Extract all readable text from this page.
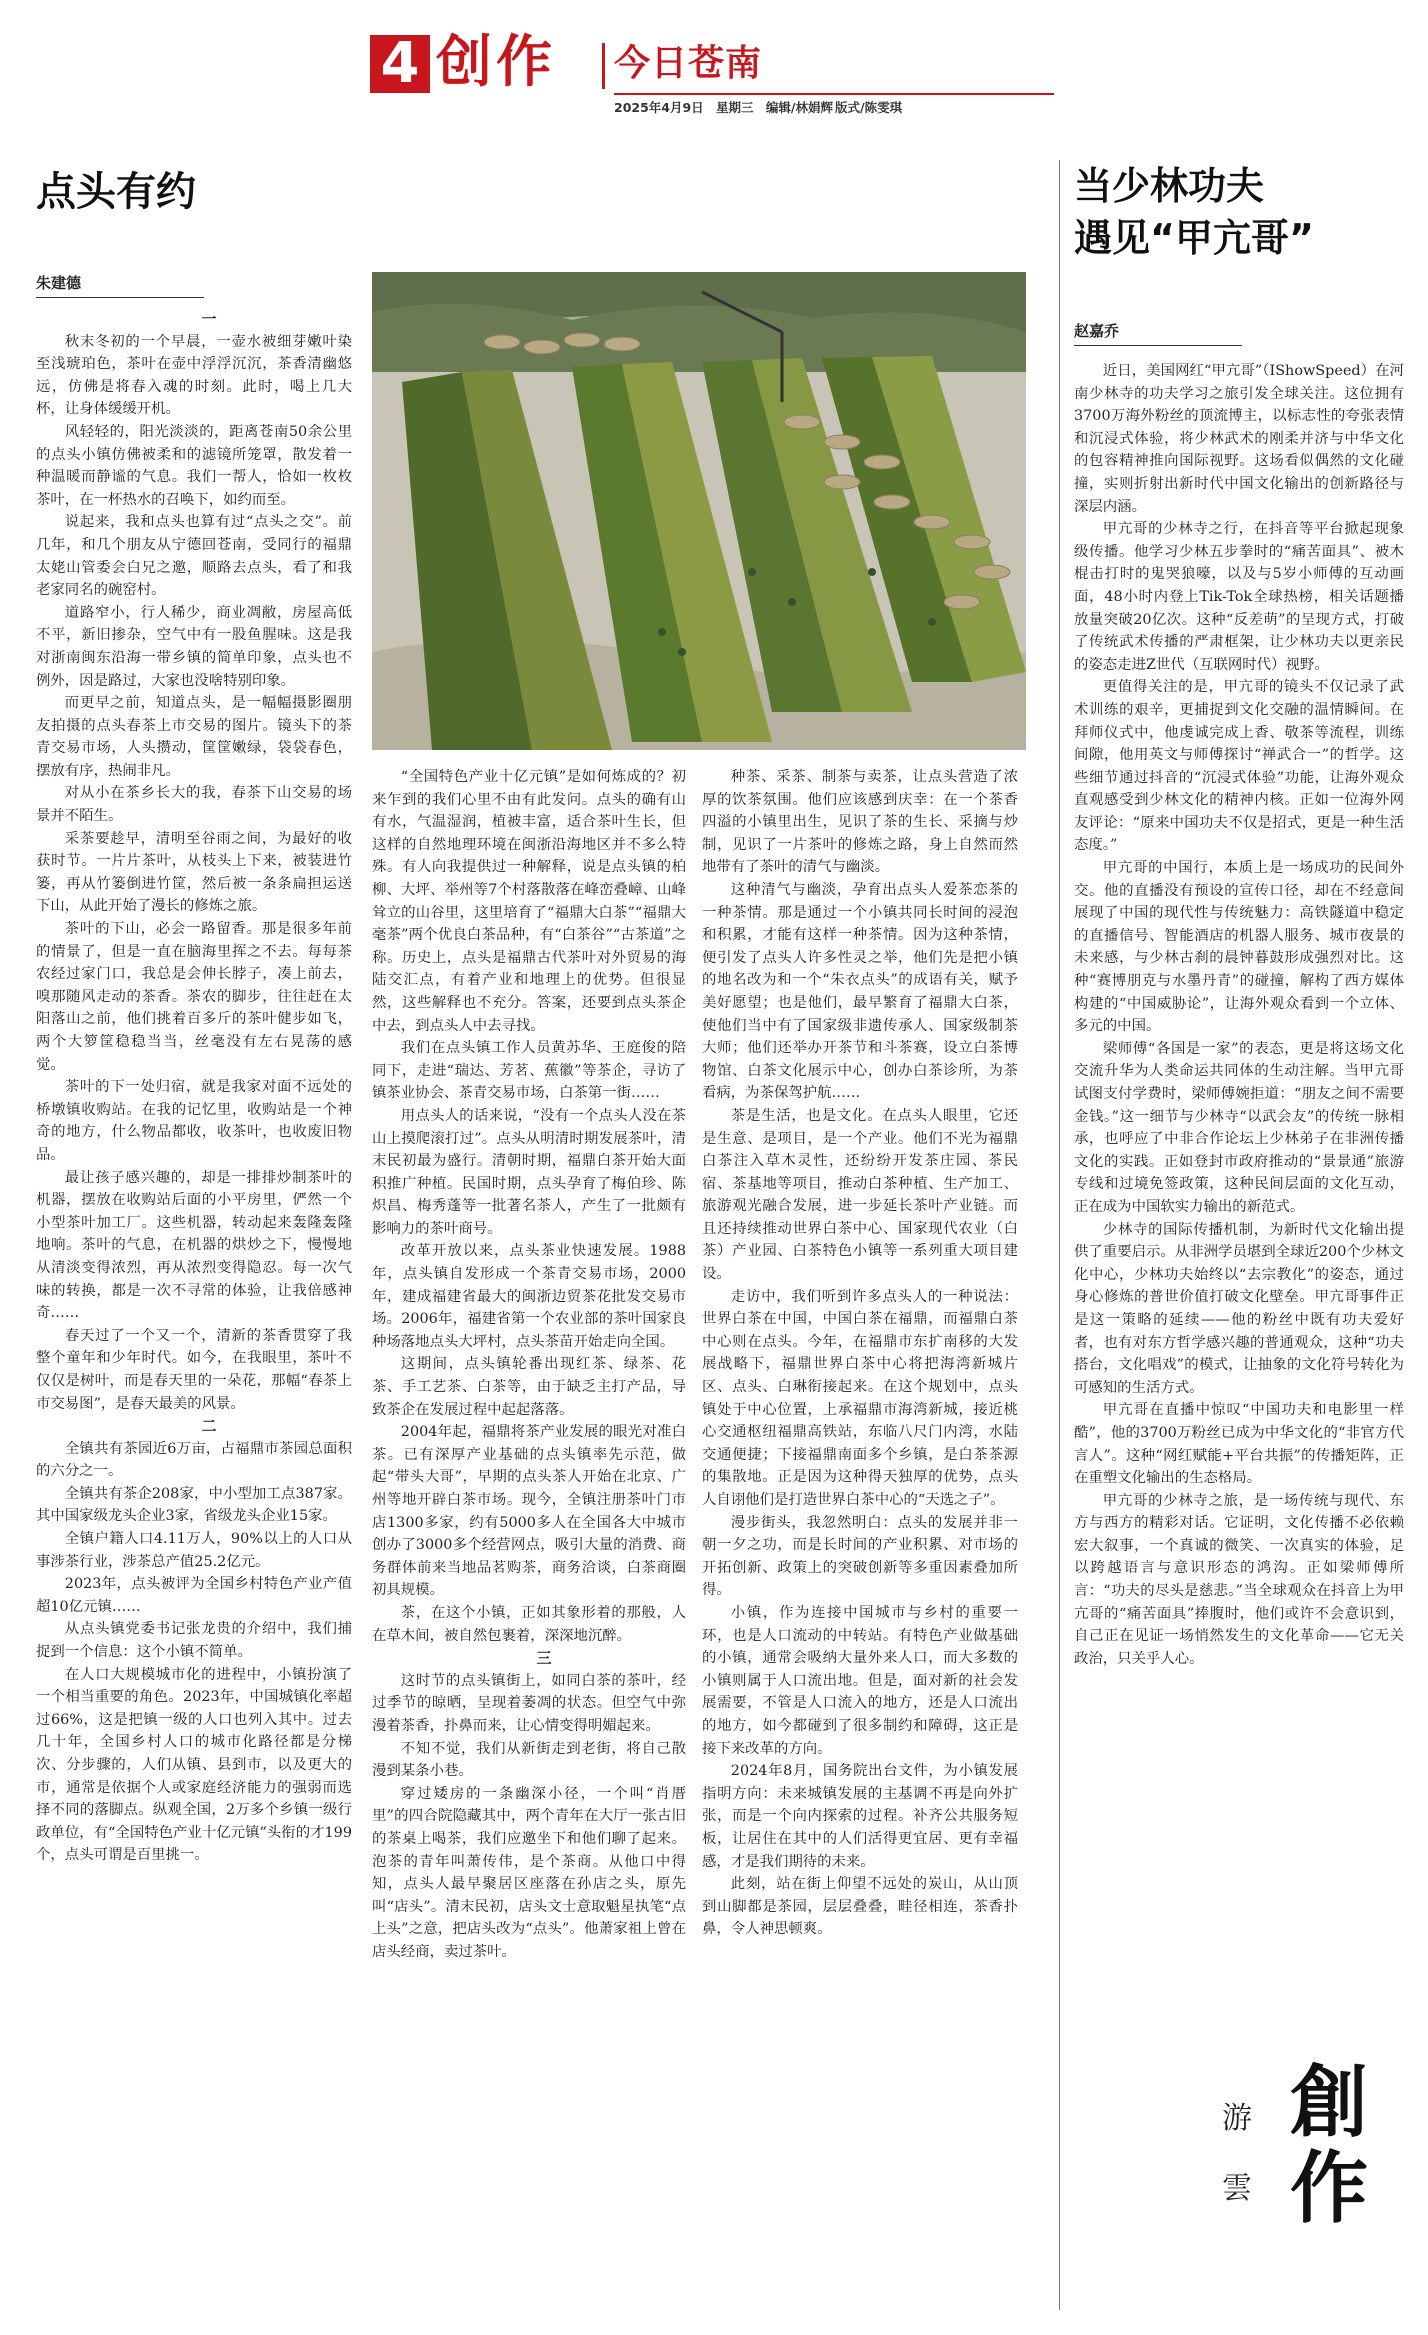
4 创作 今日苍南
2025年4月9日 星期三 编辑/林娟辉 版式/陈雯琪
点头有约
朱建德

一

秋末冬初的一个早晨，一壶水被细芽嫩叶染至浅琥珀色，茶叶在壶中浮浮沉沉，茶香清幽悠远，仿佛是将春入魂的时刻。此时，喝上几大杯，让身体缓缓开机。

风轻轻的，阳光淡淡的，距离苍南50余公里的点头小镇仿佛被柔和的滤镜所笼罩，散发着一种温暖而静谧的气息。我们一帮人，恰如一枚枚茶叶，在一杯热水的召唤下，如约而至。

说起来，我和点头也算有过“点头之交”。前几年，和几个朋友从宁德回苍南，受同行的福鼎太姥山管委会白兄之邀，顺路去点头，看了和我老家同名的碗窑村。

道路窄小，行人稀少，商业凋敝，房屋高低不平，新旧掺杂，空气中有一股鱼腥味。这是我对浙南闽东沿海一带乡镇的简单印象，点头也不例外，因是路过，大家也没啥特别印象。

而更早之前，知道点头，是一幅幅摄影圈朋友拍摄的点头春茶上市交易的图片。镜头下的茶青交易市场，人头攒动，筐筐嫩绿，袋袋春色，摆放有序，热闹非凡。

对从小在茶乡长大的我，春茶下山交易的场景并不陌生。

采茶要趁早，清明至谷雨之间，为最好的收获时节。一片片茶叶，从枝头上下来，被装进竹篓，再从竹篓倒进竹筐，然后被一条条扁担运送下山，从此开始了漫长的修炼之旅。

茶叶的下山，必会一路留香。那是很多年前的情景了，但是一直在脑海里挥之不去。每每茶农经过家门口，我总是会伸长脖子，凑上前去，嗅那随风走动的茶香。茶农的脚步，往往赶在太阳落山之前，他们挑着百多斤的茶叶健步如飞，两个大箩筐稳稳当当，丝毫没有左右晃荡的感觉。

茶叶的下一处归宿，就是我家对面不远处的桥墩镇收购站。在我的记忆里，收购站是一个神奇的地方，什么物品都收，收茶叶，也收废旧物品。

最让孩子感兴趣的，却是一排排炒制茶叶的机器，摆放在收购站后面的小平房里，俨然一个小型茶叶加工厂。这些机器，转动起来轰隆轰隆地响。茶叶的气息，在机器的烘炒之下，慢慢地从清淡变得浓烈，再从浓烈变得隐忍。每一次气味的转换，都是一次不寻常的体验，让我倍感神奇……

春天过了一个又一个，清新的茶香贯穿了我整个童年和少年时代。如今，在我眼里，茶叶不仅仅是树叶，而是春天里的一朵花，那幅“春茶上市交易图”，是春天最美的风景。

二

全镇共有茶园近6万亩，占福鼎市茶园总面积的六分之一。

全镇共有茶企208家，中小型加工点387家。其中国家级龙头企业3家，省级龙头企业15家。

全镇户籍人口4.11万人，90%以上的人口从事涉茶行业，涉茶总产值25.2亿元。

2023年，点头被评为全国乡村特色产业产值超10亿元镇……

从点头镇党委书记张龙贵的介绍中，我们捕捉到一个信息：这个小镇不简单。

在人口大规模城市化的进程中，小镇扮演了一个相当重要的角色。2023年，中国城镇化率超过66%，这是把镇一级的人口也列入其中。过去几十年，全国乡村人口的城市化路径都是分梯次、分步骤的，人们从镇、县到市，以及更大的市，通常是依据个人或家庭经济能力的强弱而选择不同的落脚点。纵观全国，2万多个乡镇一级行政单位，有“全国特色产业十亿元镇”头衔的才199个，点头可谓是百里挑一。

“全国特色产业十亿元镇”是如何炼成的？初来乍到的我们心里不由有此发问。点头的确有山有水，气温湿润，植被丰富，适合茶叶生长，但这样的自然地理环境在闽浙沿海地区并不多么特殊。有人向我提供过一种解释，说是点头镇的柏柳、大坪、举州等7个村落散落在峰峦叠嶂、山峰耸立的山谷里，这里培育了“福鼎大白茶”“福鼎大毫茶”两个优良白茶品种，有“白茶谷”“古茶道”之称。历史上，点头是福鼎古代茶叶对外贸易的海陆交汇点，有着产业和地理上的优势。但很显然，这些解释也不充分。答案，还要到点头茶企中去，到点头人中去寻找。

我们在点头镇工作人员黄苏华、王庭俊的陪同下，走进“瑞达、芳茗、蕉徽”等茶企，寻访了镇茶业协会、茶青交易市场，白茶第一街……

用点头人的话来说，“没有一个点头人没在茶山上摸爬滚打过”。点头从明清时期发展茶叶，清末民初最为盛行。清朝时期，福鼎白茶开始大面积推广种植。民国时期，点头孕育了梅伯珍、陈炽昌、梅秀蓬等一批著名茶人，产生了一批颇有影响力的茶叶商号。

改革开放以来，点头茶业快速发展。1988年，点头镇自发形成一个茶青交易市场，2000年，建成福建省最大的闽浙边贸茶花批发交易市场。2006年，福建省第一个农业部的茶叶国家良种场落地点头大坪村，点头茶苗开始走向全国。

这期间，点头镇轮番出现红茶、绿茶、花茶、手工艺茶、白茶等，由于缺乏主打产品，导致茶企在发展过程中起起落落。

2004年起，福鼎将茶产业发展的眼光对准白茶。已有深厚产业基础的点头镇率先示范，做起“带头大哥”，早期的点头茶人开始在北京、广州等地开辟白茶市场。现今，全镇注册茶叶门市店1300多家，约有5000多人在全国各大中城市创办了3000多个经营网点，吸引大量的消费、商务群体前来当地品茗购茶，商务洽谈，白茶商圈初具规模。

茶，在这个小镇，正如其象形着的那般，人在草木间，被自然包裹着，深深地沉醉。

三

这时节的点头镇街上，如同白茶的茶叶，经过季节的晾晒，呈现着萎凋的状态。但空气中弥漫着茶香，扑鼻而来，让心情变得明媚起来。

不知不觉，我们从新街走到老街，将自己散漫到某条小巷。

穿过矮房的一条幽深小径，一个叫“肖厝里”的四合院隐藏其中，两个青年在大厅一张古旧的茶桌上喝茶，我们应邀坐下和他们聊了起来。泡茶的青年叫萧传伟，是个茶商。从他口中得知，点头人最早聚居区座落在孙店之头，原先叫“店头”。清末民初，店头文士意取魁星执笔“点上头”之意，把店头改为“点头”。他萧家祖上曾在店头经商，卖过茶叶。

种茶、采茶、制茶与卖茶，让点头营造了浓厚的饮茶氛围。他们应该感到庆幸：在一个茶香四溢的小镇里出生，见识了茶的生长、采摘与炒制，见识了一片茶叶的修炼之路，身上自然而然地带有了茶叶的清气与幽淡。

这种清气与幽淡，孕育出点头人爱茶恋茶的一种茶情。那是通过一个小镇共同长时间的浸泡和积累，才能有这样一种茶情。因为这种茶情，便引发了点头人许多性灵之举，他们先是把小镇的地名改为和一个“朱衣点头”的成语有关，赋予美好愿望；也是他们，最早繁育了福鼎大白茶，使他们当中有了国家级非遗传承人、国家级制茶大师；他们还举办开茶节和斗茶赛，设立白茶博物馆、白茶文化展示中心，创办白茶诊所，为茶看病，为茶保驾护航……

茶是生活，也是文化。在点头人眼里，它还是生意、是项目，是一个产业。他们不光为福鼎白茶注入草木灵性，还纷纷开发茶庄园、茶民宿、茶基地等项目，推动白茶种植、生产加工、旅游观光融合发展，进一步延长茶叶产业链。而且还持续推动世界白茶中心、国家现代农业（白茶）产业园、白茶特色小镇等一系列重大项目建设。

走访中，我们听到许多点头人的一种说法：世界白茶在中国，中国白茶在福鼎，而福鼎白茶中心则在点头。今年，在福鼎市东扩南移的大发展战略下，福鼎世界白茶中心将把海湾新城片区、点头、白琳衔接起来。在这个规划中，点头镇处于中心位置，上承福鼎市海湾新城，接近桃心交通枢纽福鼎高铁站，东临八尺门内湾，水陆交通便捷；下接福鼎南面多个乡镇，是白茶茶源的集散地。正是因为这种得天独厚的优势，点头人自诩他们是打造世界白茶中心的“天选之子”。

漫步街头，我忽然明白：点头的发展并非一朝一夕之功，而是长时间的产业积累、对市场的开拓创新、政策上的突破创新等多重因素叠加所得。

小镇，作为连接中国城市与乡村的重要一环，也是人口流动的中转站。有特色产业做基础的小镇，通常会吸纳大量外来人口，而大多数的小镇则属于人口流出地。但是，面对新的社会发展需要，不管是人口流入的地方，还是人口流出的地方，如今都碰到了很多制约和障碍，这正是接下来改革的方向。

2024年8月，国务院出台文件，为小镇发展指明方向：未来城镇发展的主基调不再是向外扩张，而是一个向内探索的过程。补齐公共服务短板，让居住在其中的人们活得更宜居、更有幸福感，才是我们期待的未来。

此刻，站在街上仰望不远处的炭山，从山顶到山脚都是茶园，层层叠叠，畦径相连，茶香扑鼻，令人神思顿爽。

当少林功夫
遇见“甲亢哥”
赵嘉乔

近日，美国网红“甲亢哥”（IShowSpeed）在河南少林寺的功夫学习之旅引发全球关注。这位拥有3700万海外粉丝的顶流博主，以标志性的夸张表情和沉浸式体验，将少林武术的刚柔并济与中华文化的包容精神推向国际视野。这场看似偶然的文化碰撞，实则折射出新时代中国文化输出的创新路径与深层内涵。

甲亢哥的少林寺之行，在抖音等平台掀起现象级传播。他学习少林五步拳时的“痛苦面具”、被木棍击打时的鬼哭狼嚎，以及与5岁小师傅的互动画面，48小时内登上Tik-Tok全球热榜，相关话题播放量突破20亿次。这种“反差萌”的呈现方式，打破了传统武术传播的严肃框架，让少林功夫以更亲民的姿态走进Z世代（互联网时代）视野。

更值得关注的是，甲亢哥的镜头不仅记录了武术训练的艰辛，更捕捉到文化交融的温情瞬间。在拜师仪式中，他虔诚完成上香、敬茶等流程，训练间隙，他用英文与师傅探讨“禅武合一”的哲学。这些细节通过抖音的“沉浸式体验”功能，让海外观众直观感受到少林文化的精神内核。正如一位海外网友评论：“原来中国功夫不仅是招式，更是一种生活态度。”

甲亢哥的中国行，本质上是一场成功的民间外交。他的直播没有预设的宣传口径，却在不经意间展现了中国的现代性与传统魅力：高铁隧道中稳定的直播信号、智能酒店的机器人服务、城市夜景的未来感，与少林古刹的晨钟暮鼓形成强烈对比。这种“赛博朋克与水墨丹青”的碰撞，解构了西方媒体构建的“中国威胁论”，让海外观众看到一个立体、多元的中国。

梁师傅“各国是一家”的表态，更是将这场文化交流升华为人类命运共同体的生动注解。当甲亢哥试图支付学费时，梁师傅婉拒道：“朋友之间不需要金钱。”这一细节与少林寺“以武会友”的传统一脉相承，也呼应了中非合作论坛上少林弟子在非洲传播文化的实践。正如登封市政府推动的“景景通”旅游专线和过境免签政策，这种民间层面的文化互动，正在成为中国软实力输出的新范式。

少林寺的国际传播机制，为新时代文化输出提供了重要启示。从非洲学员堪到全球近200个少林文化中心，少林功夫始终以“去宗教化”的姿态，通过身心修炼的普世价值打破文化壁垒。甲亢哥事件正是这一策略的延续——他的粉丝中既有功夫爱好者，也有对东方哲学感兴趣的普通观众，这种“功夫搭台，文化唱戏”的模式，让抽象的文化符号转化为可感知的生活方式。

甲亢哥在直播中惊叹“中国功夫和电影里一样酷”，他的3700万粉丝已成为中华文化的“非官方代言人”。这种“网红赋能+平台共振”的传播矩阵，正在重塑文化输出的生态格局。

甲亢哥的少林寺之旅，是一场传统与现代、东方与西方的精彩对话。它证明，文化传播不必依赖宏大叙事，一个真诚的微笑、一次真实的体验，足以跨越语言与意识形态的鸿沟。正如梁师傅所言：“功夫的尽头是慈悲。”当全球观众在抖音上为甲亢哥的“痛苦面具”捧腹时，他们或许不会意识到，自己正在见证一场悄然发生的文化革命——它无关政治，只关乎人心。

創
作
游
雲
